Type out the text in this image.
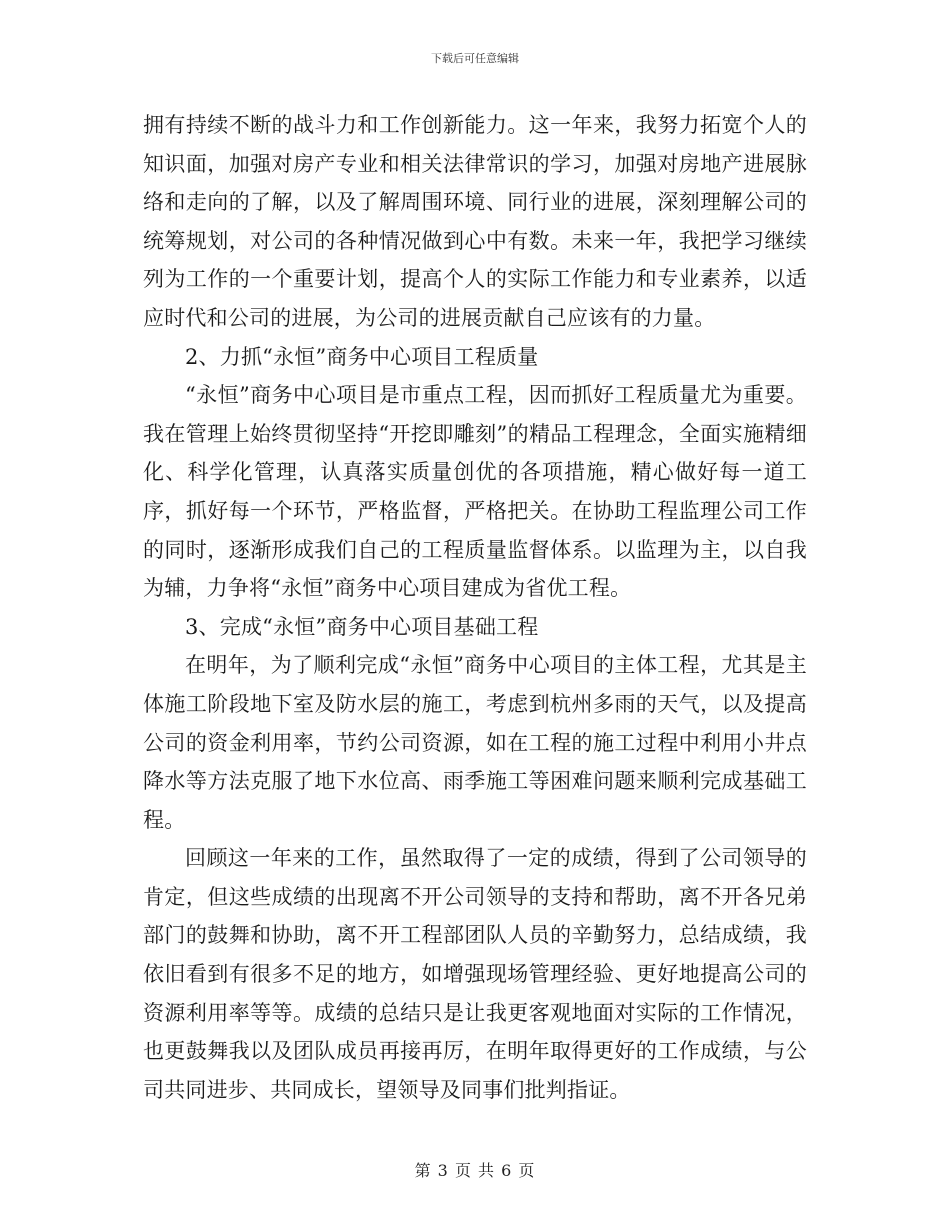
下载后可任意编辑

拥有持续不断的战斗力和工作创新能力。这一年来，我努力拓宽个人的知识面，加强对房产专业和相关法律常识的学习，加强对房地产进展脉络和走向的了解，以及了解周围环境、同行业的进展，深刻理解公司的统筹规划，对公司的各种情况做到心中有数。未来一年，我把学习继续列为工作的一个重要计划，提高个人的实际工作能力和专业素养，以适应时代和公司的进展，为公司的进展贡献自己应该有的力量。

2、力抓“永恒”商务中心项目工程质量

“永恒”商务中心项目是市重点工程，因而抓好工程质量尤为重要。我在管理上始终贯彻坚持“开挖即雕刻”的精品工程理念，全面实施精细化、科学化管理，认真落实质量创优的各项措施，精心做好每一道工序，抓好每一个环节，严格监督，严格把关。在协助工程监理公司工作的同时，逐渐形成我们自己的工程质量监督体系。以监理为主，以自我为辅，力争将“永恒”商务中心项目建成为省优工程。

3、完成“永恒”商务中心项目基础工程

在明年，为了顺利完成“永恒”商务中心项目的主体工程，尤其是主体施工阶段地下室及防水层的施工，考虑到杭州多雨的天气，以及提高公司的资金利用率，节约公司资源，如在工程的施工过程中利用小井点降水等方法克服了地下水位高、雨季施工等困难问题来顺利完成基础工程。

回顾这一年来的工作，虽然取得了一定的成绩，得到了公司领导的肯定，但这些成绩的出现离不开公司领导的支持和帮助，离不开各兄弟部门的鼓舞和协助，离不开工程部团队人员的辛勤努力，总结成绩，我依旧看到有很多不足的地方，如增强现场管理经验、更好地提高公司的资源利用率等等。成绩的总结只是让我更客观地面对实际的工作情况，也更鼓舞我以及团队成员再接再厉，在明年取得更好的工作成绩，与公司共同进步、共同成长，望领导及同事们批判指证。

第 3 页 共 6 页
